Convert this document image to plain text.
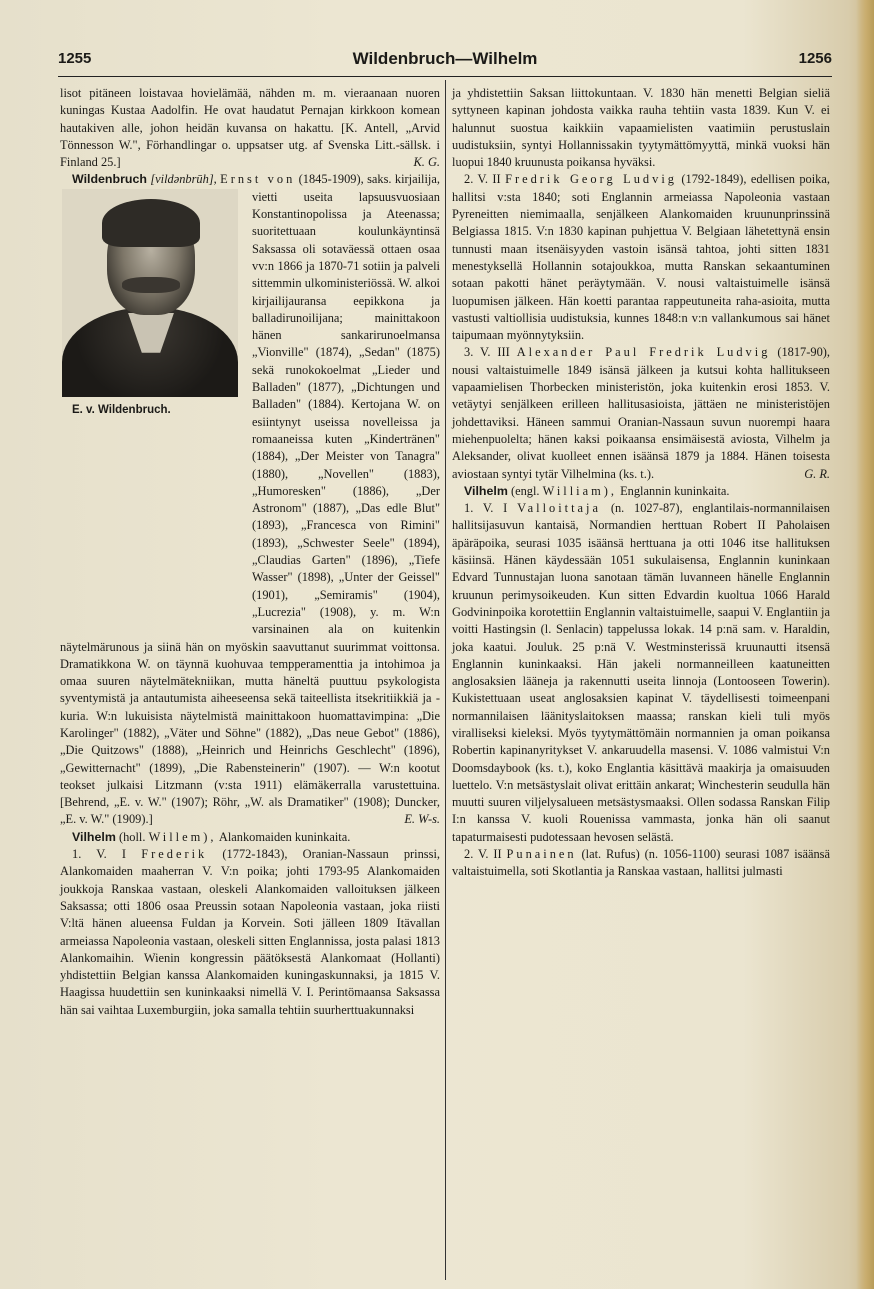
1255	Wildenbruch—Wilhelm	1256

lisot pitäneen loistavaa hovielämää, nähden m. m. vieraanaan nuoren kuningas Kustaa Aadolfin. He ovat haudatut Pernajan kirkkoon komean hautakiven alle, johon heidän kuvansa on hakattu. [K. Antell, „Arvid Tönnesson W.", Förhandlingar o. uppsatser utg. af Svenska Litt.-sällsk. i Finland 25.]	K. G.

Wildenbruch [vildənbrūh], Ernst von
E. v. Wildenbruch.
(1845-1909), saks. kirjailija, vietti useita lapsuusvuosiaan Konstantinopolissa ja Ateenassa; suoritettuaan koulunkäyntinsä Saksassa oli sotaväessä ottaen osaa vv:n 1866 ja 1870-71 sotiin ja palveli sittemmin ulkoministeriössä. W. alkoi kirjailijauransa eepikkona ja balladirunoilijana; mainittakoon hänen sankarirunoelmansa „Vionville" (1874), „Sedan" (1875) sekä runokokoelmat „Lieder und Balladen" (1877), „Dichtungen und Balladen" (1884). Kertojana W. on esiintynyt useissa novelleissa ja romaaneissa kuten „Kindertränen" (1884), „Der Meister von Tanagra" (1880), „Novellen" (1883), „Humoresken" (1886), „Der Astronom" (1887), „Das edle Blut" (1893), „Francesca von Rimini" (1893), „Schwester Seele" (1894), „Claudias Garten" (1896), „Tiefe Wasser" (1898), „Unter der Geissel" (1901), „Semiramis" (1904), „Lucrezia" (1908), y. m. W:n varsinainen ala on kuitenkin näytelmärunous ja siinä hän on myöskin saavuttanut suurimmat voittonsa. Dramatikkona W. on täynnä kuohuvaa tempperamenttia ja intohimoa ja omaa suuren näytelmätekniikan, mutta häneltä puuttuu psykologista syventymistä ja antautumista aiheeseensa sekä taiteellista itsekritiikkiä ja -kuria. W:n lukuisista näytelmistä mainittakoon huomattavimpina: „Die Karolinger" (1882), „Väter und Söhne" (1882), „Das neue Gebot" (1886), „Die Quitzows" (1888), „Heinrich und Heinrichs Geschlecht" (1896), „Gewitternacht" (1899), „Die Rabensteinerin" (1907). — W:n kootut teokset julkaisi Litzmann (v:sta 1911) elämäkerralla varustettuina. [Behrend, „E. v. W." (1907); Röhr, „W. als Dramatiker" (1908); Duncker, „E. v. W." (1909).]	E. W-s.

Vilhelm (holl. Willem), Alankomaiden kuninkaita.

1. V. I Frederik (1772-1843), Oranian-Nassaun prinssi, Alankomaiden maaherran V. V:n poika; johti 1793-95 Alankomaiden joukkoja Ranskaa vastaan, oleskeli Alankomaiden valloituksen jälkeen Saksassa; otti 1806 osaa Preussin sotaan Napoleonia vastaan, joka riisti V:ltä hänen alueensa Fuldan ja Korvein. Soti jälleen 1809 Itävallan armeiassa Napoleonia vastaan, oleskeli sitten Englannissa, josta palasi 1813 Alankomaihin. Wienin kongressin päätöksestä Alankomaat (Hollanti) yhdistettiin Belgian kanssa Alankomaiden kuningaskunnaksi, ja 1815 V. Haagissa huudettiin sen kuninkaaksi nimellä V. I. Perintömaansa Saksassa hän sai vaihtaa Luxemburgiin, joka samalla tehtiin suurherttuakunnaksi

ja yhdistettiin Saksan liittokuntaan. V. 1830 hän menetti Belgian sieliä syttyneen kapinan johdosta vaikka rauha tehtiin vasta 1839. Kun V. ei halunnut suostua kaikkiin vapaamielisten vaatimiin perustuslain uudistuksiin, syntyi Hollannissakin tyytymättömyyttä, minkä vuoksi hän luopui 1840 kruunusta poikansa hyväksi.

2. V. II Fredrik Georg Ludvig (1792-1849), edellisen poika, hallitsi v:sta 1840; soti Englannin armeiassa Napoleonia vastaan Pyreneitten niemimaalla, senjälkeen Alankomaiden kruununprinssinä Belgiassa 1815. V:n 1830 kapinan puhjettua V. Belgiaan lähetettynä ensin tunnusti maan itsenäisyyden vastoin isänsä tahtoa, johti sitten 1831 menestyksellä Hollannin sotajoukkoa, mutta Ranskan sekaantuminen sotaan pakotti hänet peräytymään. V. nousi valtaistuimelle isänsä luopumisen jälkeen. Hän koetti parantaa rappeutuneita raha-asioita, mutta vastusti valtiollisia uudistuksia, kunnes 1848:n v:n vallankumous sai hänet taipumaan myönnytyksiin.

3. V. III Alexander Paul Fredrik Ludvig (1817-90), nousi valtaistuimelle 1849 isänsä jälkeen ja kutsui kohta hallitukseen vapaamielisen Thorbecken ministeristön, joka kuitenkin erosi 1853. V. vetäytyi senjälkeen erilleen hallitusasioista, jättäen ne ministeristöjen johdettaviksi. Häneen sammui Oranian-Nassaun suvun nuorempi haara miehenpuolelta; hänen kaksi poikaansa ensimäisestä aviosta, Vilhelm ja Aleksander, olivat kuolleet ennen isäänsä 1879 ja 1884. Hänen toisesta aviostaan syntyi tytär Vilhelmina (ks. t.).	G. R.

Vilhelm (engl. William), Englannin kuninkaita.

1. V. I Valloittaja (n. 1027-87), englantilais-normannilaisen hallitsijasuvun kantaisä, Normandien herttuan Robert II Paholaisen äpäräpoika, seurasi 1035 isäänsä herttuana ja otti 1046 itse hallituksen käsiinsä. Hänen käydessään 1051 sukulaisensa, Englannin kuninkaan Edvard Tunnustajan luona sanotaan tämän luvanneen hänelle Englannin kruunun perimysoikeuden. Kun sitten Edvardin kuoltua 1066 Harald Godvininpoika korotettiin Englannin valtaistuimelle, saapui V. Englantiin ja voitti Hastingsin (l. Senlacin) tappelussa lokak. 14 p:nä sam. v. Haraldin, joka kaatui. Jouluk. 25 p:nä V. Westminsterissä kruunautti itsensä Englannin kuninkaaksi. Hän jakeli normanneilleen kaatuneitten anglosaksien lääneja ja rakennutti useita linnoja (Lontooseen Towerin). Kukistettuaan useat anglosaksien kapinat V. täydellisesti toimeenpani normannilaisen läänityslaitoksen maassa; ranskan kieli tuli myös viralliseksi kieleksi. Myös tyytymättömäin normannien ja oman poikansa Robertin kapinanyritykset V. ankaruudella masensi. V. 1086 valmistui V:n Doomsdaybook (ks. t.), koko Englantia käsittävä maakirja ja omaisuuden luettelo. V:n metsästyslait olivat erittäin ankarat; Winchesterin seudulla hän muutti suuren viljelysalueen metsästysmaaksi. Ollen sodassa Ranskan Filip I:n kanssa V. kuoli Rouenissa vammasta, jonka hän oli saanut tapaturmaisesti pudotessaan hevosen selästä.

2. V. II Punainen (lat. Rufus) (n. 1056-1100) seurasi 1087 isäänsä valtaistuimella, soti Skotlantia ja Ranskaa vastaan, hallitsi julmasti
